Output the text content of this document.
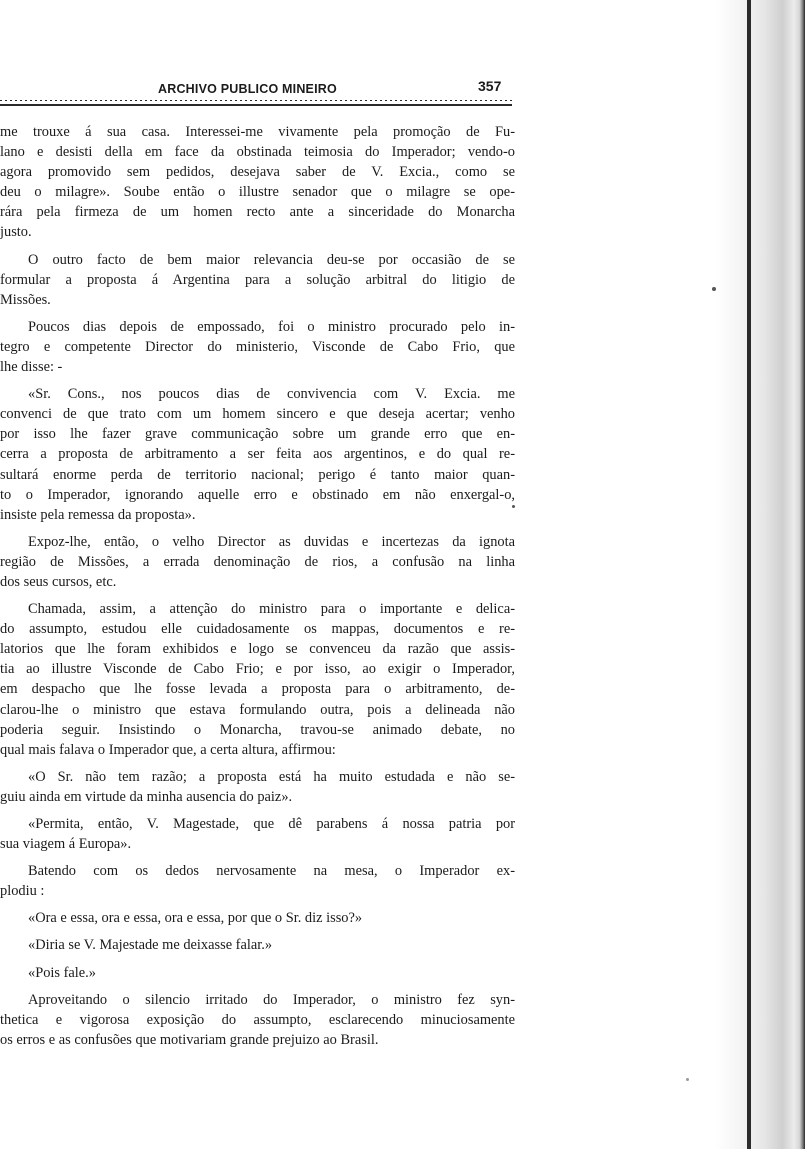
ARCHIVO PUBLICO MINEIRO	357

me trouxe á sua casa. Interessei-me vivamente pela promoção de Fu-
lano e desisti della em face da obstinada teimosia do Imperador; vendo-o
agora promovido sem pedidos, desejava saber de V. Excia., como se
deu o milagre». Soube então o illustre senador que o milagre se ope-
rára pela firmeza de um homen recto ante a sinceridade do Monarcha
justo.

O outro facto de bem maior relevancia deu-se por occasião de se
formular a proposta á Argentina para a solução arbitral do litigio de
Missões.

Poucos dias depois de empossado, foi o ministro procurado pelo in-
tegro e competente Director do ministerio, Visconde de Cabo Frio, que
lhe disse: -

«Sr. Cons., nos poucos dias de convivencia com V. Excia. me
convenci de que trato com um homem sincero e que deseja acertar; venho
por isso lhe fazer grave communicação sobre um grande erro que en-
cerra a proposta de arbitramento a ser feita aos argentinos, e do qual re-
sultará enorme perda de territorio nacional; perigo é tanto maior quan-
to o Imperador, ignorando aquelle erro e obstinado em não enxergal-o,
insiste pela remessa da proposta».

Expoz-lhe, então, o velho Director as duvidas e incertezas da ignota
região de Missões, a errada denominação de rios, a confusão na linha
dos seus cursos, etc.

Chamada, assim, a attenção do ministro para o importante e delica-
do assumpto, estudou elle cuidadosamente os mappas, documentos e re-
latorios que lhe foram exhibidos e logo se convenceu da razão que assis-
tia ao illustre Visconde de Cabo Frio; e por isso, ao exigir o Imperador,
em despacho que lhe fosse levada a proposta para o arbitramento, de-
clarou-lhe o ministro que estava formulando outra, pois a delineada não
poderia seguir. Insistindo o Monarcha, travou-se animado debate, no
qual mais falava o Imperador que, a certa altura, affirmou:

«O Sr. não tem razão; a proposta está ha muito estudada e não se-
guiu ainda em virtude da minha ausencia do paiz».

«Permita, então, V. Magestade, que dê parabens á nossa patria por
sua viagem á Europa».

Batendo com os dedos nervosamente na mesa, o Imperador ex-
plodiu :

«Ora e essa, ora e essa, ora e essa, por que o Sr. diz isso?»

«Diria se V. Majestade me deixasse falar.»

«Pois fale.»

Aproveitando o silencio irritado do Imperador, o ministro fez syn-
thetica e vigorosa exposição do assumpto, esclarecendo minuciosamente
os erros e as confusões que motivariam grande prejuizo ao Brasil.
